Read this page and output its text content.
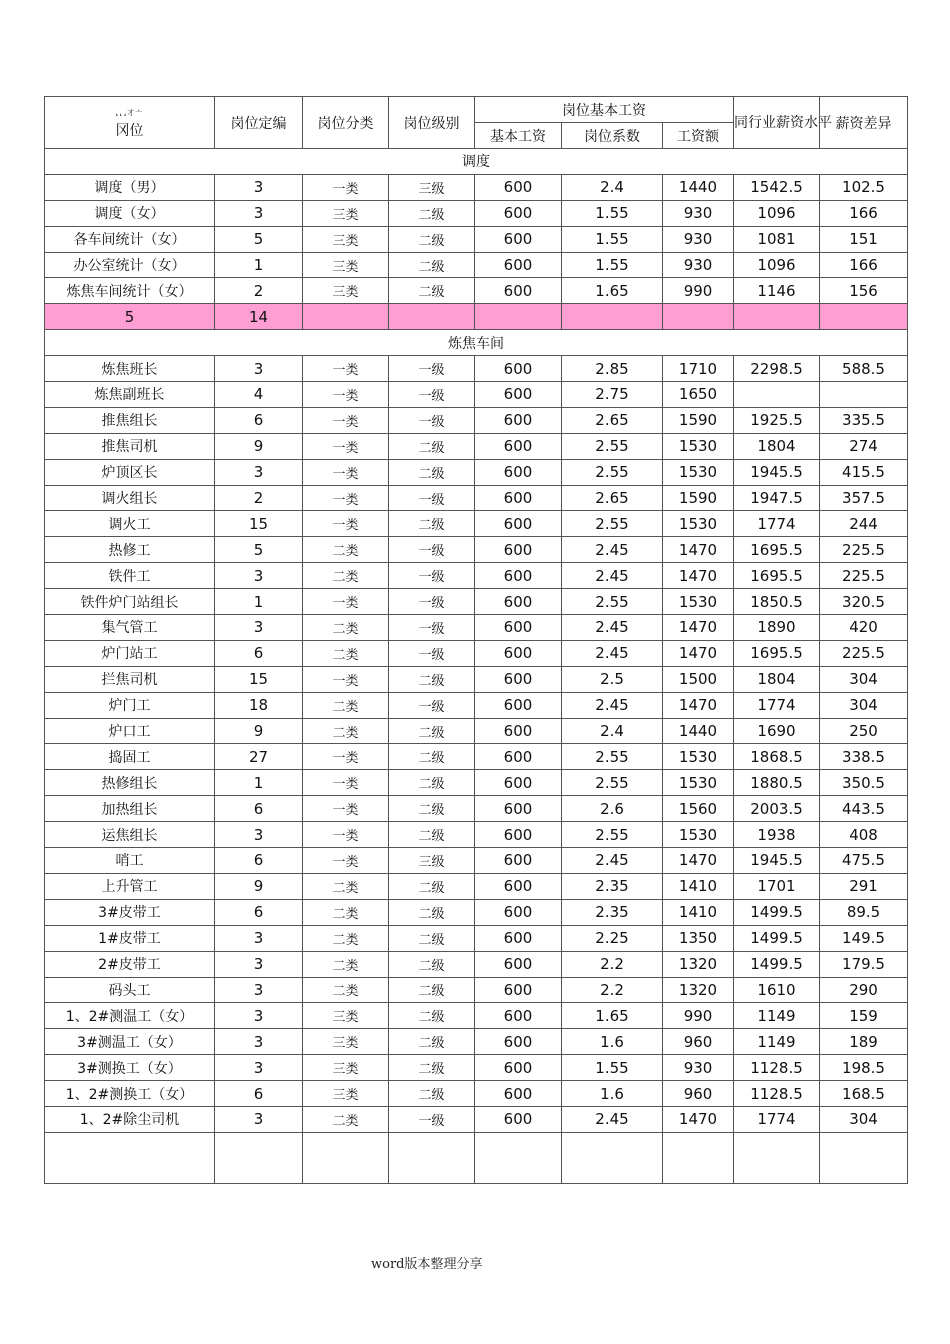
⸤⸤⸥才亠
冈位	岗位定编	岗位分类	岗位级别	岗位基本工资			同行业薪资水平	薪资差异
				基本工资	岗位系数	工资额		
调度								
调度（男）	3	一类	三级	600	2.4	1440	1542.5	102.5
调度（女）	3	三类	二级	600	1.55	930	1096	166
各车间统计（女）	5	三类	二级	600	1.55	930	1081	151
办公室统计（女）	1	三类	二级	600	1.55	930	1096	166
炼焦车间统计（女）	2	三类	二级	600	1.65	990	1146	156
5	14							
炼焦车间								
炼焦班长	3	一类	一级	600	2.85	1710	2298.5	588.5
炼焦副班长	4	一类	一级	600	2.75	1650		
推焦组长	6	一类	一级	600	2.65	1590	1925.5	335.5
推焦司机	9	一类	二级	600	2.55	1530	1804	274
炉顶区长	3	一类	二级	600	2.55	1530	1945.5	415.5
调火组长	2	一类	一级	600	2.65	1590	1947.5	357.5
调火工	15	一类	二级	600	2.55	1530	1774	244
热修工	5	二类	一级	600	2.45	1470	1695.5	225.5
铁件工	3	二类	一级	600	2.45	1470	1695.5	225.5
铁件炉门站组长	1	一类	一级	600	2.55	1530	1850.5	320.5
集气管工	3	二类	一级	600	2.45	1470	1890	420
炉门站工	6	二类	一级	600	2.45	1470	1695.5	225.5
拦焦司机	15	一类	二级	600	2.5	1500	1804	304
炉门工	18	二类	一级	600	2.45	1470	1774	304
炉口工	9	二类	二级	600	2.4	1440	1690	250
捣固工	27	一类	二级	600	2.55	1530	1868.5	338.5
热修组长	1	一类	二级	600	2.55	1530	1880.5	350.5
加热组长	6	一类	二级	600	2.6	1560	2003.5	443.5
运焦组长	3	一类	二级	600	2.55	1530	1938	408
哨工	6	一类	三级	600	2.45	1470	1945.5	475.5
上升管工	9	二类	二级	600	2.35	1410	1701	291
3#皮带工	6	二类	二级	600	2.35	1410	1499.5	89.5
1#皮带工	3	二类	二级	600	2.25	1350	1499.5	149.5
2#皮带工	3	二类	二级	600	2.2	1320	1499.5	179.5
码头工	3	二类	二级	600	2.2	1320	1610	290
1、2#测温工（女）	3	三类	二级	600	1.65	990	1149	159
3#测温工（女）	3	三类	二级	600	1.6	960	1149	189
3#测换工（女）	3	三类	二级	600	1.55	930	1128.5	198.5
1、2#测换工（女）	6	三类	二级	600	1.6	960	1128.5	168.5
1、2#除尘司机	3	二类	一级	600	2.45	1470	1774	304

word版本整理分享
